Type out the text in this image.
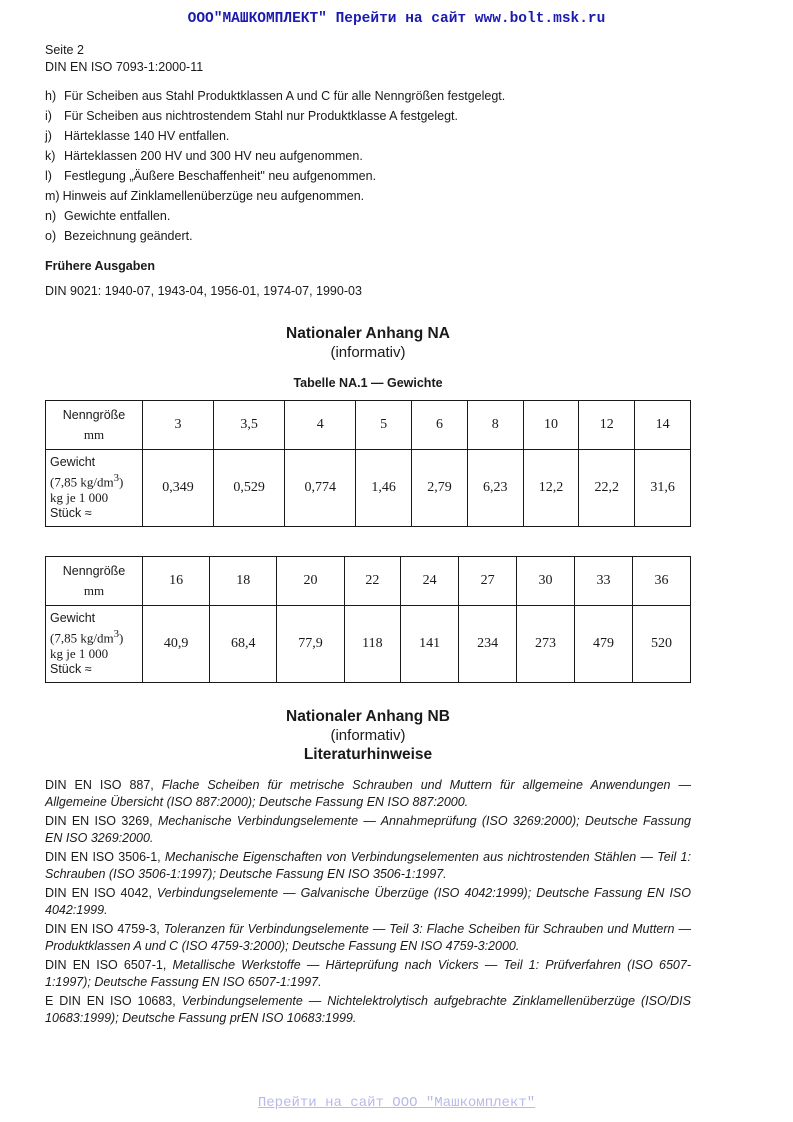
ООО"МАШКОМПЛЕКТ" Перейти на сайт www.bolt.msk.ru
Seite 2
DIN EN ISO 7093-1:2000-11
h) Für Scheiben aus Stahl Produktklassen A und C für alle Nenngrößen festgelegt.
i) Für Scheiben aus nichtrostendem Stahl nur Produktklasse A festgelegt.
j) Härteklasse 140 HV entfallen.
k) Härteklassen 200 HV und 300 HV neu aufgenommen.
l) Festlegung „Äußere Beschaffenheit" neu aufgenommen.
m) Hinweis auf Zinklamellenüberzüge neu aufgenommen.
n) Gewichte entfallen.
o) Bezeichnung geändert.
Frühere Ausgaben
DIN 9021: 1940-07, 1943-04, 1956-01, 1974-07, 1990-03
Nationaler Anhang NA
(informativ)
Tabelle NA.1 — Gewichte
Nenngröße
mm	3	3,5	4	5	6	8	10	12	14
Gewicht
(7,85 $kg/dm^3$)
kg je 1 000
Stück ≈	0,349	0,529	0,774	1,46	2,79	6,23	12,2	22,2	31,6
Nenngröße
mm	16	18	20	22	24	27	30	33	36
Gewicht
(7,85 $kg/dm^3$)
kg je 1 000
Stück ≈	40,9	68,4	77,9	118	141	234	273	479	520
Nationaler Anhang NB
(informativ)
Literaturhinweise

DIN EN ISO 887, Flache Scheiben für metrische Schrauben und Muttern für allgemeine Anwendungen — Allgemeine Übersicht (ISO 887:2000); Deutsche Fassung EN ISO 887:2000.

DIN EN ISO 3269, Mechanische Verbindungselemente — Annahmeprüfung (ISO 3269:2000); Deutsche Fassung EN ISO 3269:2000.

DIN EN ISO 3506-1, Mechanische Eigenschaften von Verbindungselementen aus nichtrostenden Stählen — Teil 1: Schrauben (ISO 3506-1:1997); Deutsche Fassung EN ISO 3506-1:1997.

DIN EN ISO 4042, Verbindungselemente — Galvanische Überzüge (ISO 4042:1999); Deutsche Fassung EN ISO 4042:1999.

DIN EN ISO 4759-3, Toleranzen für Verbindungselemente — Teil 3: Flache Scheiben für Schrauben und Muttern — Produktklassen A und C (ISO 4759-3:2000); Deutsche Fassung EN ISO 4759-3:2000.

DIN EN ISO 6507-1, Metallische Werkstoffe — Härteprüfung nach Vickers — Teil 1: Prüfverfahren (ISO 6507-1:1997); Deutsche Fassung EN ISO 6507-1:1997.

E DIN EN ISO 10683, Verbindungselemente — Nichtelektrolytisch aufgebrachte Zinklamellenüberzüge (ISO/DIS 10683:1999); Deutsche Fassung prEN ISO 10683:1999.

Перейти на сайт ООО "Машкомплект"
